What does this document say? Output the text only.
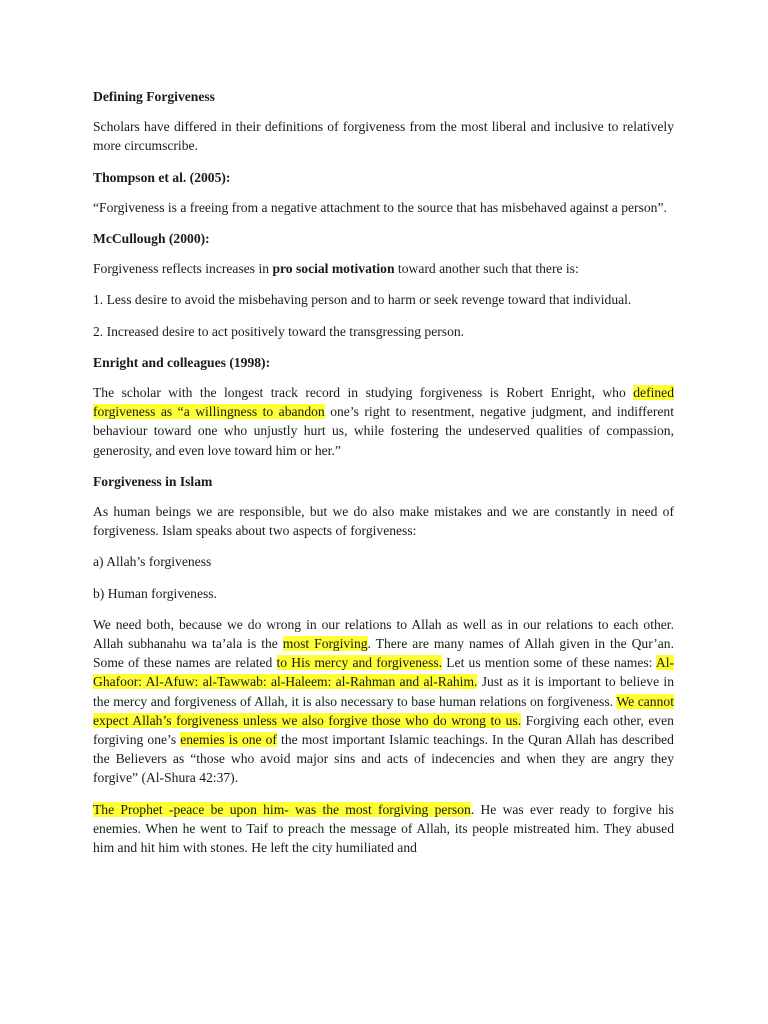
Defining Forgiveness

Scholars have differed in their definitions of forgiveness from the most liberal and inclusive to relatively more circumscribe.

Thompson et al. (2005):

“Forgiveness is a freeing from a negative attachment to the source that has misbehaved against a person”.

McCullough (2000):

Forgiveness reflects increases in pro social motivation toward another such that there is:

1. Less desire to avoid the misbehaving person and to harm or seek revenge toward that individual.

2. Increased desire to act positively toward the transgressing person.

Enright and colleagues (1998):

The scholar with the longest track record in studying forgiveness is Robert Enright, who defined forgiveness as “a willingness to abandon one’s right to resentment, negative judgment, and indifferent behaviour toward one who unjustly hurt us, while fostering the undeserved qualities of compassion, generosity, and even love toward him or her.”

Forgiveness in Islam

As human beings we are responsible, but we do also make mistakes and we are constantly in need of forgiveness. Islam speaks about two aspects of forgiveness:

a) Allah’s forgiveness

b) Human forgiveness.

We need both, because we do wrong in our relations to Allah as well as in our relations to each other. Allah subhanahu wa ta’ala is the most Forgiving. There are many names of Allah given in the Qur’an. Some of these names are related to His mercy and forgiveness. Let us mention some of these names: Al- Ghafoor: Al-Afuw: al-Tawwab: al-Haleem: al-Rahman and al-Rahim. Just as it is important to believe in the mercy and forgiveness of Allah, it is also necessary to base human relations on forgiveness. We cannot expect Allah’s forgiveness unless we also forgive those who do wrong to us. Forgiving each other, even forgiving one’s enemies is one of the most important Islamic teachings. In the Quran Allah has described the Believers as “those who avoid major sins and acts of indecencies and when they are angry they forgive” (Al-Shura 42:37).

The Prophet -peace be upon him- was the most forgiving person. He was ever ready to forgive his enemies. When he went to Taif to preach the message of Allah, its people mistreated him. They abused him and hit him with stones. He left the city humiliated and
